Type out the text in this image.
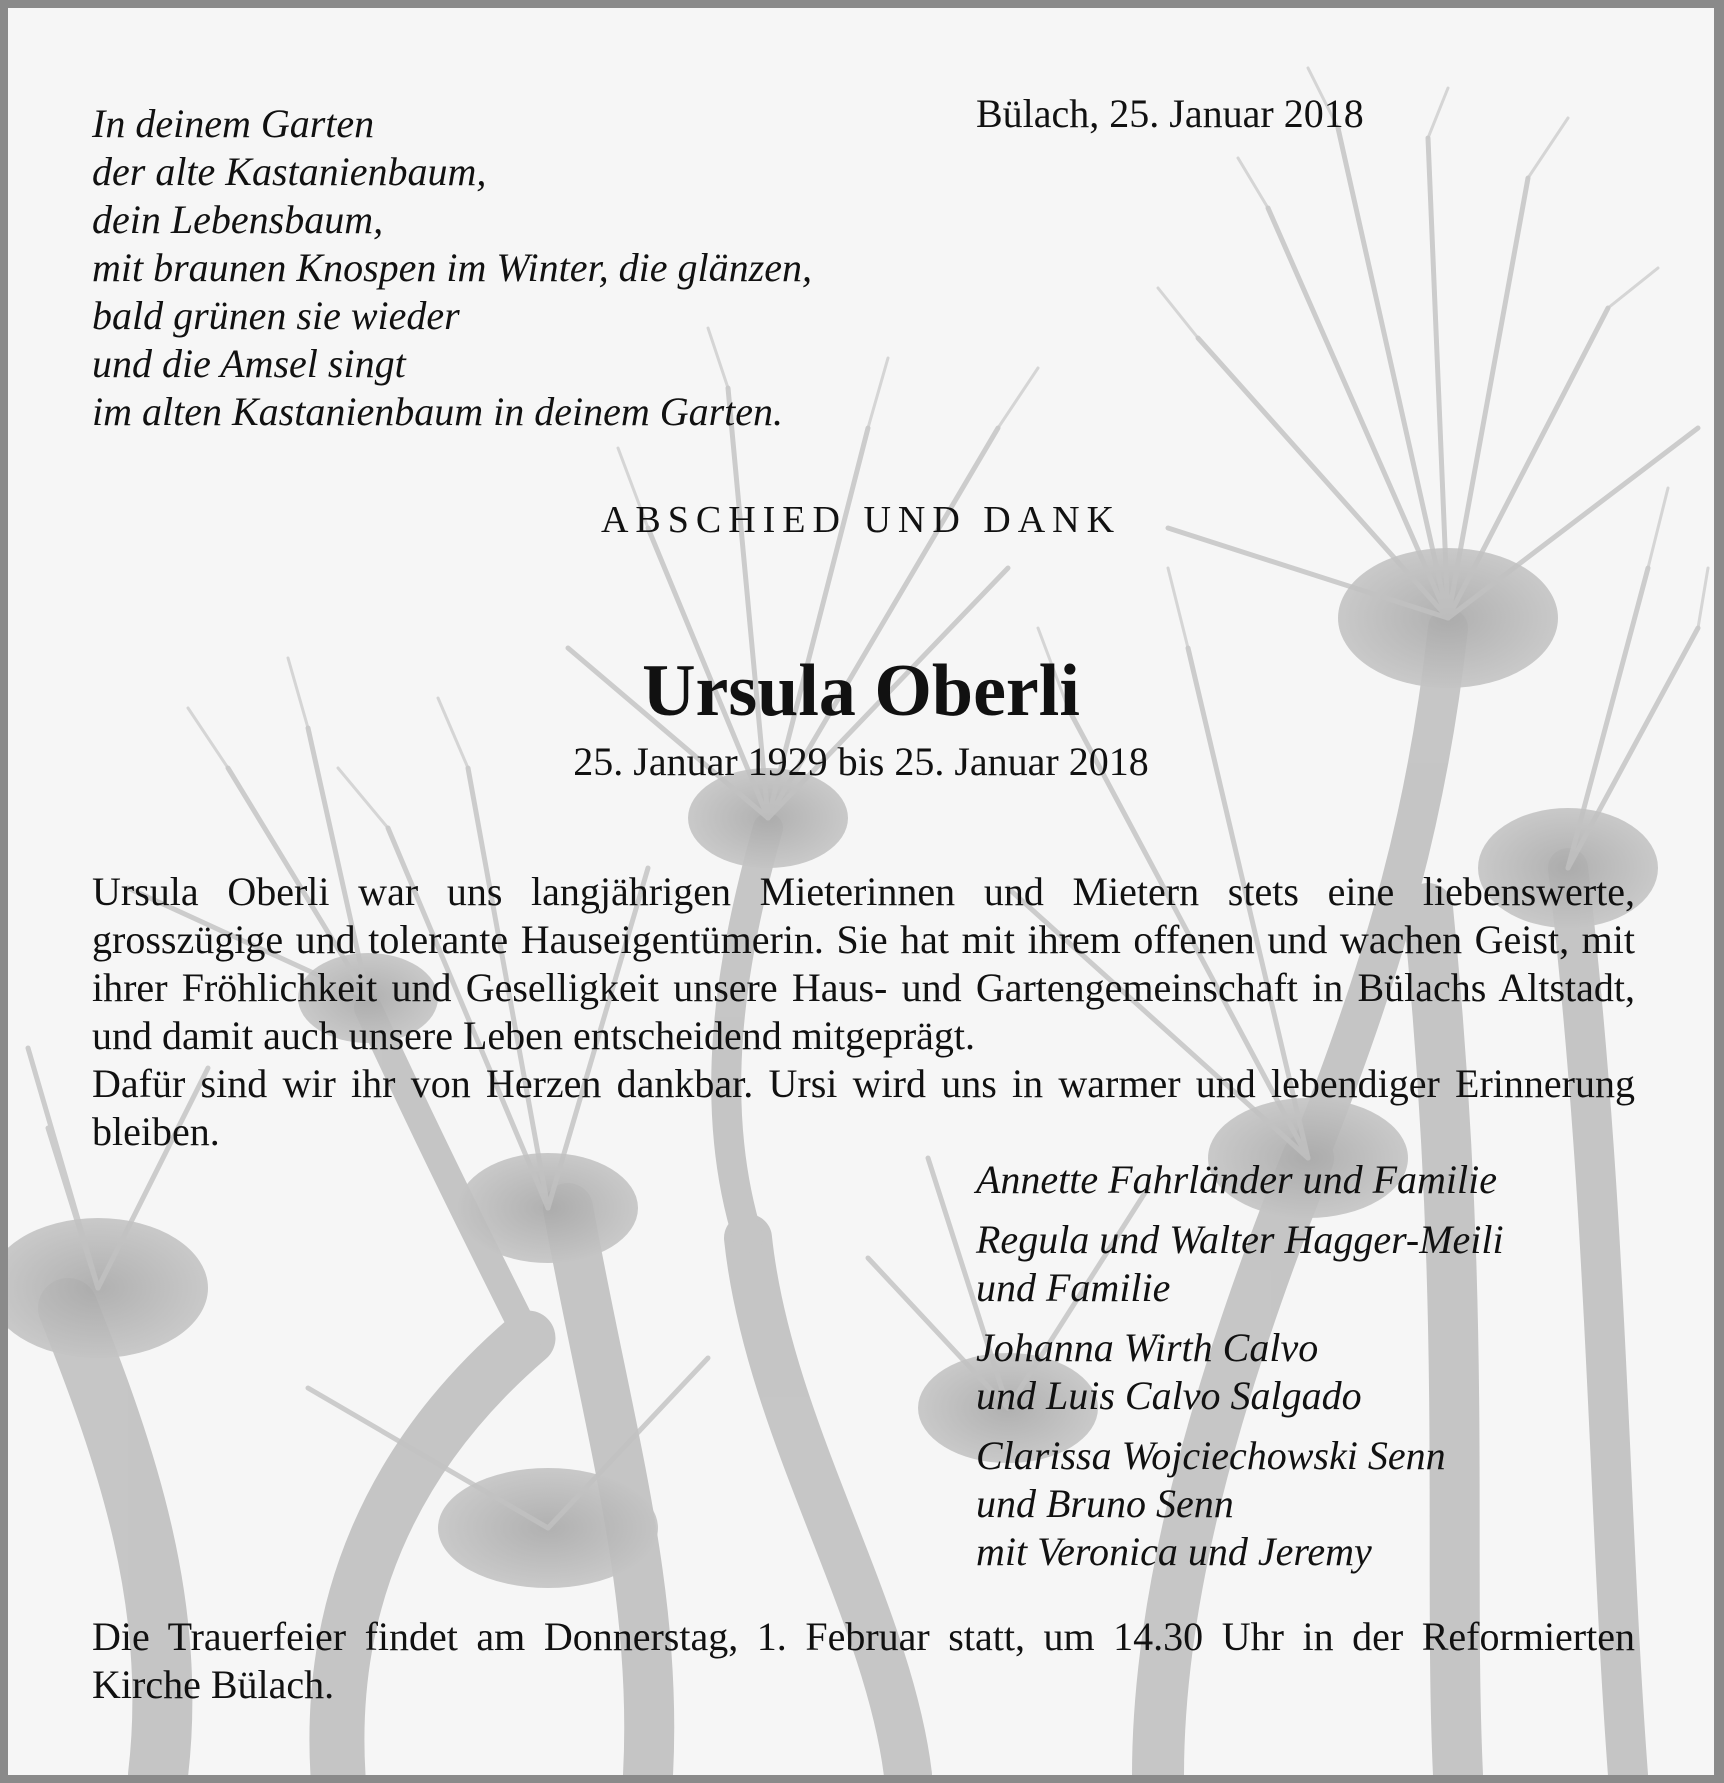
In deinem Garten
der alte Kastanienbaum,
dein Lebensbaum,
mit braunen Knospen im Winter, die glänzen,
bald grünen sie wieder
und die Amsel singt
im alten Kastanienbaum in deinem Garten.
Bülach, 25. Januar 2018
ABSCHIED UND DANK
Ursula Oberli
25. Januar 1929 bis 25. Januar 2018

Ursula Oberli war uns langjährigen Mieterinnen und Mietern stets eine liebenswerte, grosszügige und tolerante Hauseigentümerin. Sie hat mit ihrem offenen und wachen Geist, mit ihrer Fröhlichkeit und Geselligkeit unsere Haus- und Gartengemeinschaft in Bülachs Altstadt, und damit auch unsere Leben entscheidend mitgeprägt.

Dafür sind wir ihr von Herzen dankbar. Ursi wird uns in warmer und lebendiger Erinnerung bleiben.

Annette Fahrländer und Familie
Regula und Walter Hagger-Meili
und Familie
Johanna Wirth Calvo
und Luis Calvo Salgado
Clarissa Wojciechowski Senn
und Bruno Senn
mit Veronica und Jeremy

Die Trauerfeier findet am Donnerstag, 1. Februar statt, um 14.30 Uhr in der Reformierten Kirche Bülach.
